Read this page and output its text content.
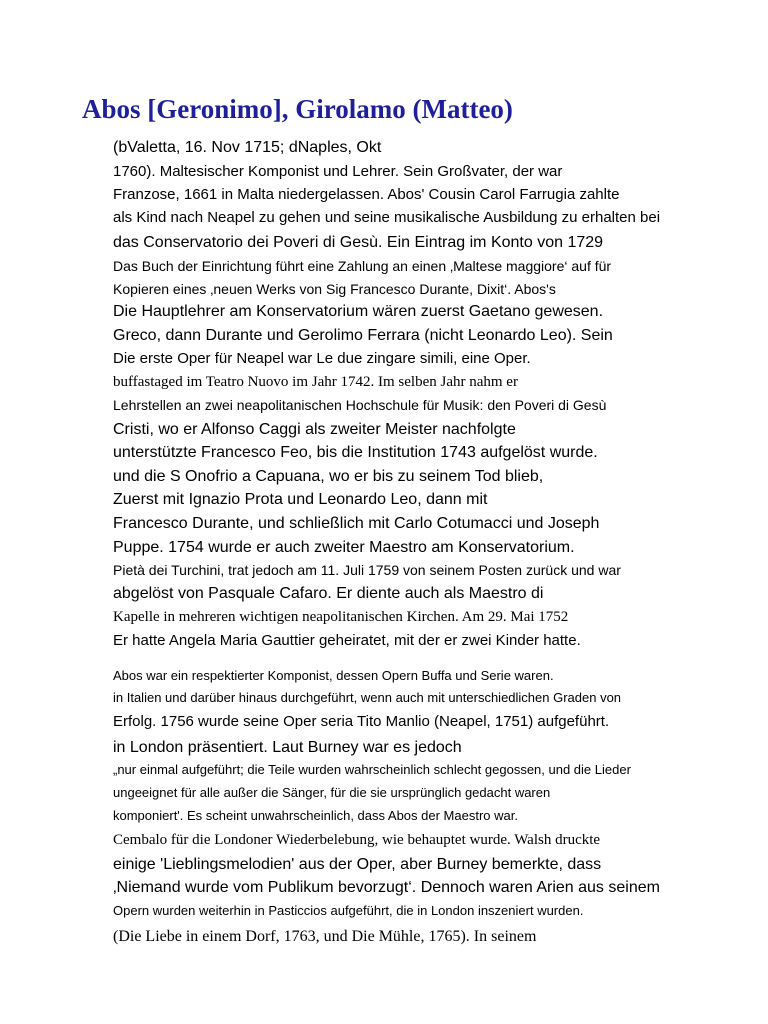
Abos [Geronimo], Girolamo (Matteo)

(bValetta, 16. Nov 1715; dNaples, Okt

1760). Maltesischer Komponist und Lehrer. Sein Großvater, der war

Franzose, 1661 in Malta niedergelassen. Abos' Cousin Carol Farrugia zahlte

als Kind nach Neapel zu gehen und seine musikalische Ausbildung zu erhalten bei

das Conservatorio dei Poveri di Gesù. Ein Eintrag im Konto von 1729

Das Buch der Einrichtung führt eine Zahlung an einen ‚Maltese maggiore‘ auf für

Kopieren eines ‚neuen Werks von Sig Francesco Durante, Dixit‘. Abos's

Die Hauptlehrer am Konservatorium wären zuerst Gaetano gewesen.

Greco, dann Durante und Gerolimo Ferrara (nicht Leonardo Leo). Sein

Die erste Oper für Neapel war Le due zingare simili, eine Oper.

buffastaged im Teatro Nuovo im Jahr 1742. Im selben Jahr nahm er

Lehrstellen an zwei neapolitanischen Hochschule für Musik: den Poveri di Gesù

Cristi, wo er Alfonso Caggi als zweiter Meister nachfolgte

unterstützte Francesco Feo, bis die Institution 1743 aufgelöst wurde.

und die S Onofrio a Capuana, wo er bis zu seinem Tod blieb,

Zuerst mit Ignazio Prota und Leonardo Leo, dann mit

Francesco Durante, und schließlich mit Carlo Cotumacci und Joseph

Puppe. 1754 wurde er auch zweiter Maestro am Konservatorium.

Pietà dei Turchini, trat jedoch am 11. Juli 1759 von seinem Posten zurück und war

abgelöst von Pasquale Cafaro. Er diente auch als Maestro di

Kapelle in mehreren wichtigen neapolitanischen Kirchen. Am 29. Mai 1752

Er hatte Angela Maria Gauttier geheiratet, mit der er zwei Kinder hatte.

Abos war ein respektierter Komponist, dessen Opern Buffa und Serie waren.

in Italien und darüber hinaus durchgeführt, wenn auch mit unterschiedlichen Graden von

Erfolg. 1756 wurde seine Oper seria Tito Manlio (Neapel, 1751) aufgeführt.

in London präsentiert. Laut Burney war es jedoch

„nur einmal aufgeführt; die Teile wurden wahrscheinlich schlecht gegossen, und die Lieder

ungeeignet für alle außer die Sänger, für die sie ursprünglich gedacht waren

komponiert'. Es scheint unwahrscheinlich, dass Abos der Maestro war.

Cembalo für die Londoner Wiederbelebung, wie behauptet wurde. Walsh druckte

einige 'Lieblingsmelodien' aus der Oper, aber Burney bemerkte, dass

‚Niemand wurde vom Publikum bevorzugt‘. Dennoch waren Arien aus seinem

Opern wurden weiterhin in Pasticcios aufgeführt, die in London inszeniert wurden.

(Die Liebe in einem Dorf, 1763, und Die Mühle, 1765). In seinem
